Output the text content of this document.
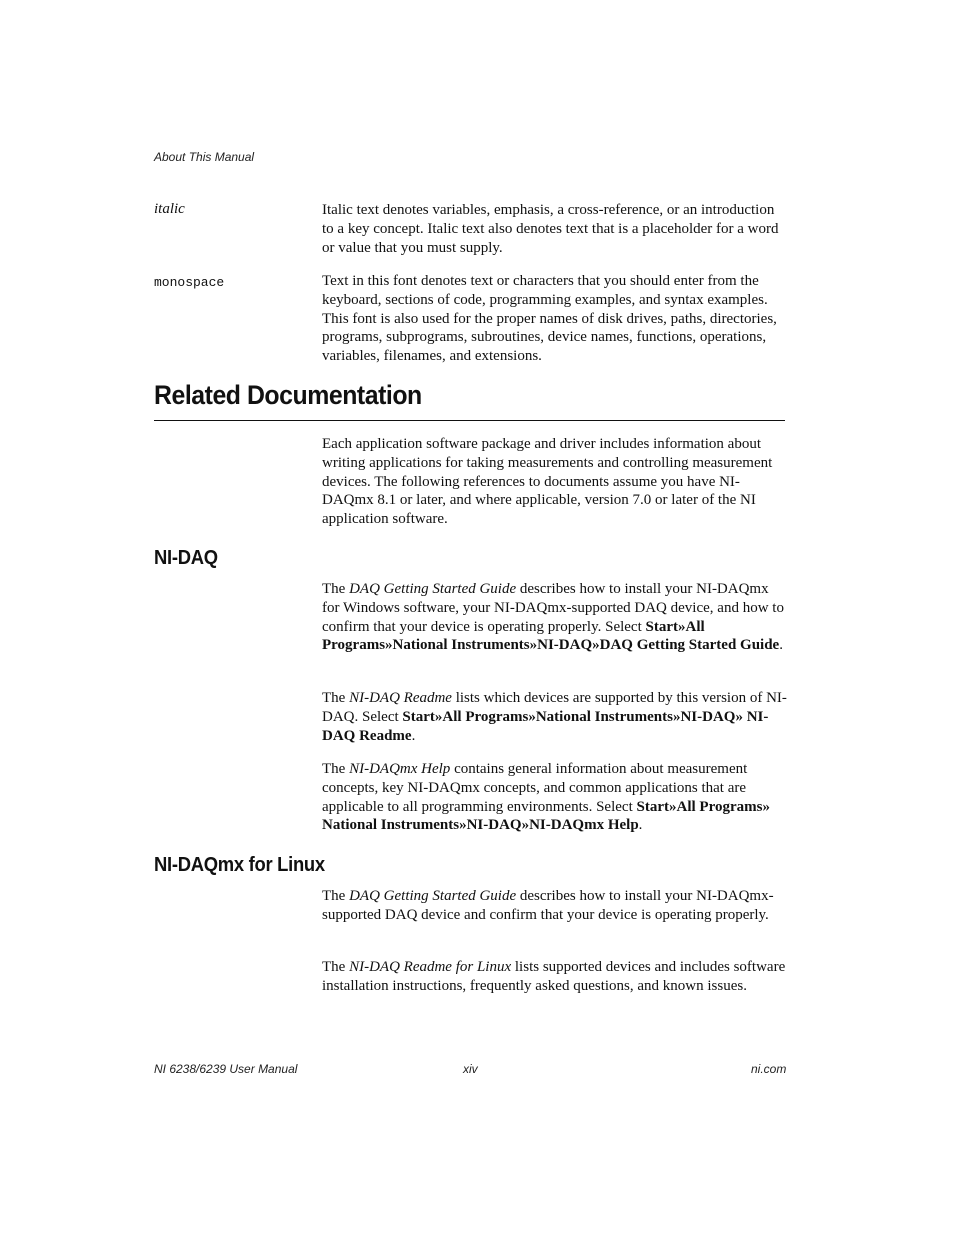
About This Manual
italic	Italic text denotes variables, emphasis, a cross-reference, or an introduction to a key concept. Italic text also denotes text that is a placeholder for a word or value that you must supply.
monospace	Text in this font denotes text or characters that you should enter from the keyboard, sections of code, programming examples, and syntax examples. This font is also used for the proper names of disk drives, paths, directories, programs, subprograms, subroutines, device names, functions, operations, variables, filenames, and extensions.
Related Documentation
Each application software package and driver includes information about writing applications for taking measurements and controlling measurement devices. The following references to documents assume you have NI-DAQmx 8.1 or later, and where applicable, version 7.0 or later of the NI application software.
NI-DAQ
The DAQ Getting Started Guide describes how to install your NI-DAQmx for Windows software, your NI-DAQmx-supported DAQ device, and how to confirm that your device is operating properly. Select Start»All Programs»National Instruments»NI-DAQ»DAQ Getting Started Guide.
The NI-DAQ Readme lists which devices are supported by this version of NI-DAQ. Select Start»All Programs»National Instruments»NI-DAQ» NI-DAQ Readme.
The NI-DAQmx Help contains general information about measurement concepts, key NI-DAQmx concepts, and common applications that are applicable to all programming environments. Select Start»All Programs» National Instruments»NI-DAQ»NI-DAQmx Help.
NI-DAQmx for Linux
The DAQ Getting Started Guide describes how to install your NI-DAQmx-supported DAQ device and confirm that your device is operating properly.
The NI-DAQ Readme for Linux lists supported devices and includes software installation instructions, frequently asked questions, and known issues.
NI 6238/6239 User Manual	xiv	ni.com
